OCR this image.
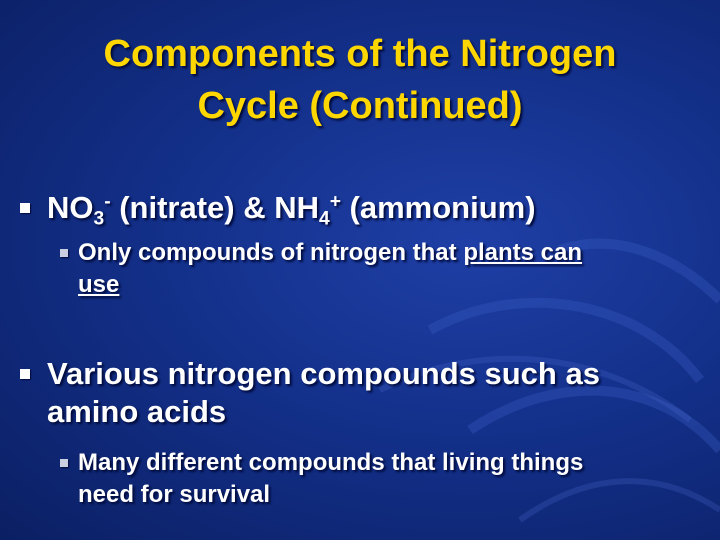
Components of the Nitrogen
Cycle (Continued)
$NO_3^-$ (nitrate) & $NH_4^+$ (ammonium)
Only compounds of nitrogen that plants can
use
Various nitrogen compounds such as
amino acids
Many different compounds that living things
need for survival
